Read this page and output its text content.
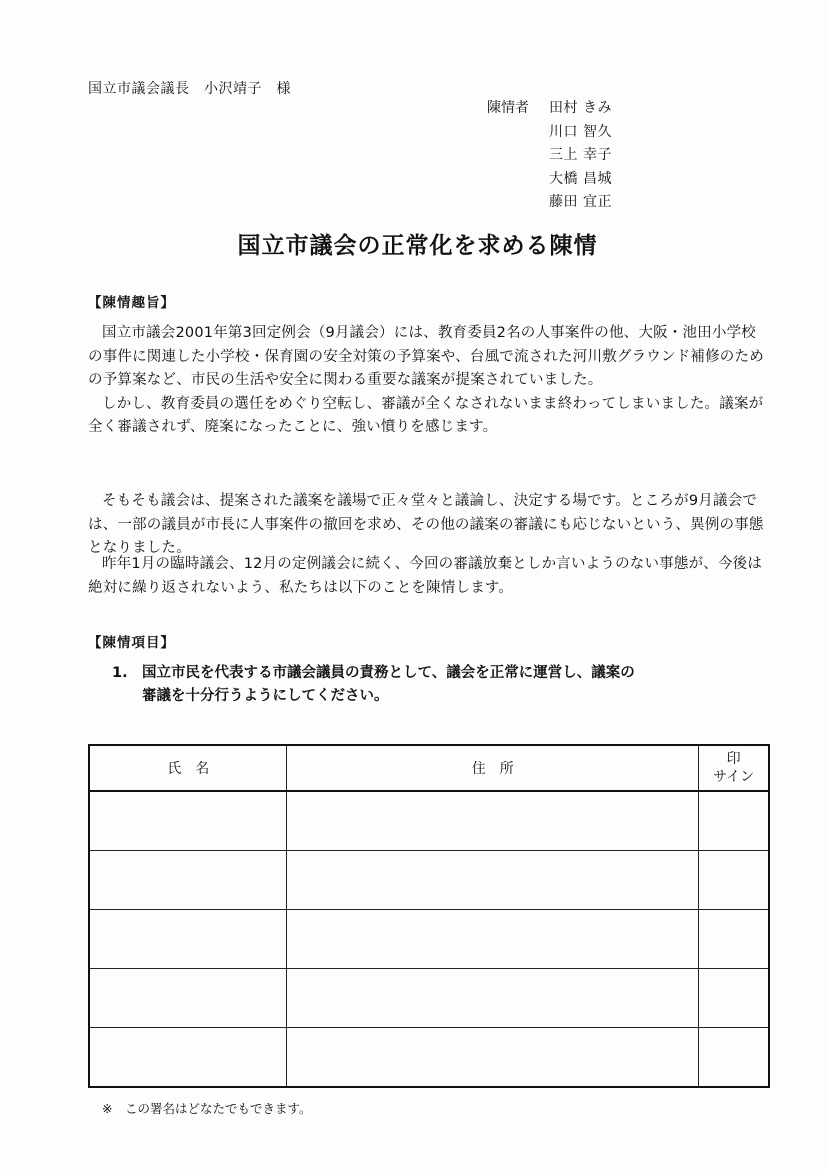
国立市議会議長　小沢靖子　様
陳情者	田村 きみ
川口 智久
三上 幸子
大橋 昌城
藤田 宜正
国立市議会の正常化を求める陳情
【陳情趣旨】

国立市議会2001年第3回定例会（9月議会）には、教育委員2名の人事案件の他、大阪・池田小学校の事件に関連した小学校・保育園の安全対策の予算案や、台風で流された河川敷グラウンド補修のための予算案など、市民の生活や安全に関わる重要な議案が提案されていました。

しかし、教育委員の選任をめぐり空転し、審議が全くなされないまま終わってしまいました。議案が全く審議されず、廃案になったことに、強い憤りを感じます。

そもそも議会は、提案された議案を議場で正々堂々と議論し、決定する場です。ところが9月議会では、一部の議員が市長に人事案件の撤回を求め、その他の議案の審議にも応じないという、異例の事態となりました。

昨年1月の臨時議会、12月の定例議会に続く、今回の審議放棄としか言いようのない事態が、今後は絶対に繰り返されないよう、私たちは以下のことを陳情します。

【陳情項目】
1. 国立市民を代表する市議会議員の責務として、議会を正常に運営し、議案の
審議を十分行うようにしてください。
氏　名	住　所	印
サイン

※　この署名はどなたでもできます。
